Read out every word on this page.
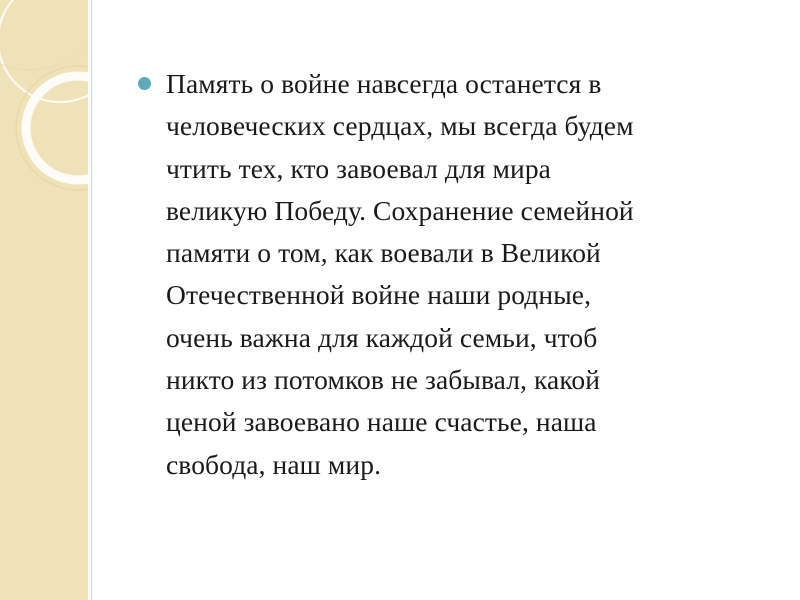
Память о войне навсегда останется в
человеческих сердцах, мы всегда будем
чтить тех, кто завоевал для мира
великую Победу. Сохранение семейной
памяти о том, как воевали в Великой
Отечественной войне наши родные,
очень важна для каждой семьи, чтоб
никто из потомков не забывал, какой
ценой завоевано наше счастье, наша
свобода, наш мир.
